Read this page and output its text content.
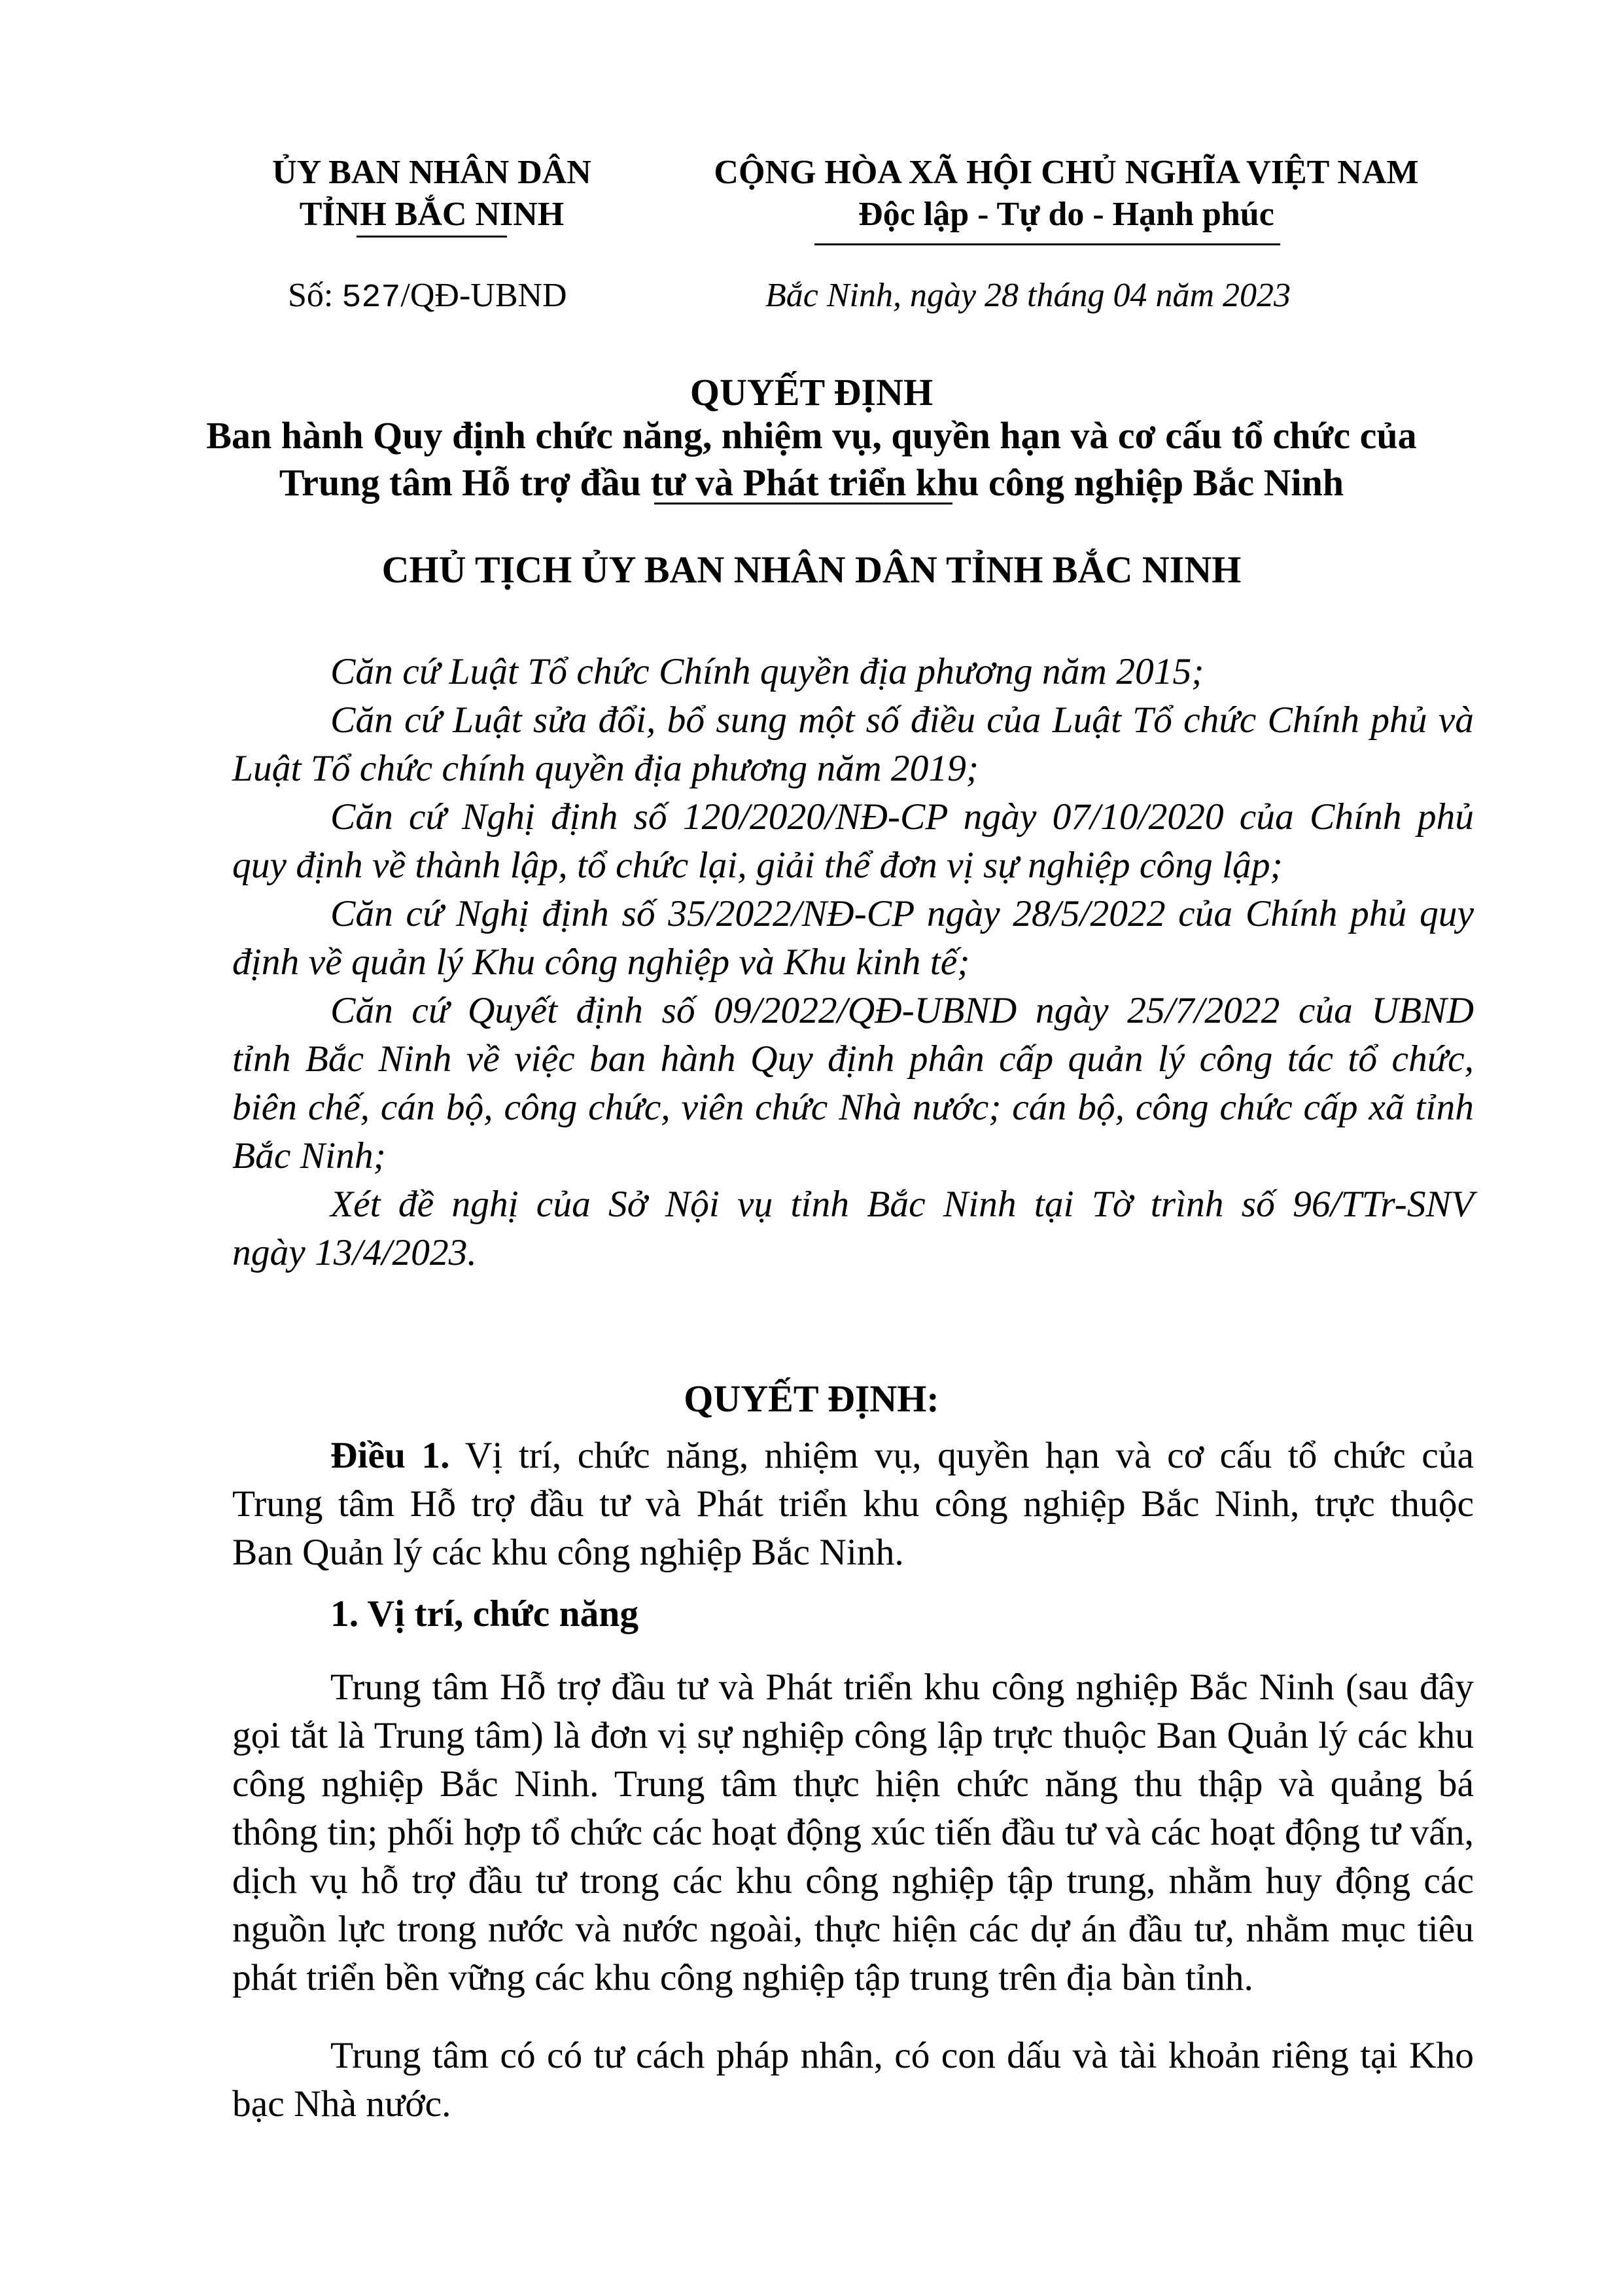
ỦY BAN NHÂN DÂN
TỈNH BẮC NINH
CỘNG HÒA XÃ HỘI CHỦ NGHĨA VIỆT NAM
Độc lập - Tự do - Hạnh phúc
Số: 527/QĐ-UBND	Bắc Ninh, ngày 28 tháng 04 năm 2023
QUYẾT ĐỊNH
Ban hành Quy định chức năng, nhiệm vụ, quyền hạn và cơ cấu tổ chức của
Trung tâm Hỗ trợ đầu tư và Phát triển khu công nghiệp Bắc Ninh
CHỦ TỊCH ỦY BAN NHÂN DÂN TỈNH BẮC NINH
Căn cứ Luật Tổ chức Chính quyền địa phương năm 2015;
Căn cứ Luật sửa đổi, bổ sung một số điều của Luật Tổ chức Chính phủ và
Luật Tổ chức chính quyền địa phương năm 2019;
Căn cứ Nghị định số 120/2020/NĐ-CP ngày 07/10/2020 của Chính phủ
quy định về thành lập, tổ chức lại, giải thể đơn vị sự nghiệp công lập;
Căn cứ Nghị định số 35/2022/NĐ-CP ngày 28/5/2022 của Chính phủ quy
định về quản lý Khu công nghiệp và Khu kinh tế;
Căn cứ Quyết định số 09/2022/QĐ-UBND ngày 25/7/2022 của UBND
tỉnh Bắc Ninh về việc ban hành Quy định phân cấp quản lý công tác tổ chức,
biên chế, cán bộ, công chức, viên chức Nhà nước; cán bộ, công chức cấp xã tỉnh
Bắc Ninh;
Xét đề nghị của Sở Nội vụ tỉnh Bắc Ninh tại Tờ trình số 96/TTr-SNV
ngày 13/4/2023.
QUYẾT ĐỊNH:
Điều 1. Vị trí, chức năng, nhiệm vụ, quyền hạn và cơ cấu tổ chức của
Trung tâm Hỗ trợ đầu tư và Phát triển khu công nghiệp Bắc Ninh, trực thuộc
Ban Quản lý các khu công nghiệp Bắc Ninh.
1. Vị trí, chức năng
Trung tâm Hỗ trợ đầu tư và Phát triển khu công nghiệp Bắc Ninh (sau đây
gọi tắt là Trung tâm) là đơn vị sự nghiệp công lập trực thuộc Ban Quản lý các khu
công nghiệp Bắc Ninh. Trung tâm thực hiện chức năng thu thập và quảng bá
thông tin; phối hợp tổ chức các hoạt động xúc tiến đầu tư và các hoạt động tư vấn,
dịch vụ hỗ trợ đầu tư trong các khu công nghiệp tập trung, nhằm huy động các
nguồn lực trong nước và nước ngoài, thực hiện các dự án đầu tư, nhằm mục tiêu
phát triển bền vững các khu công nghiệp tập trung trên địa bàn tỉnh.
Trung tâm có có tư cách pháp nhân, có con dấu và tài khoản riêng tại Kho
bạc Nhà nước.
